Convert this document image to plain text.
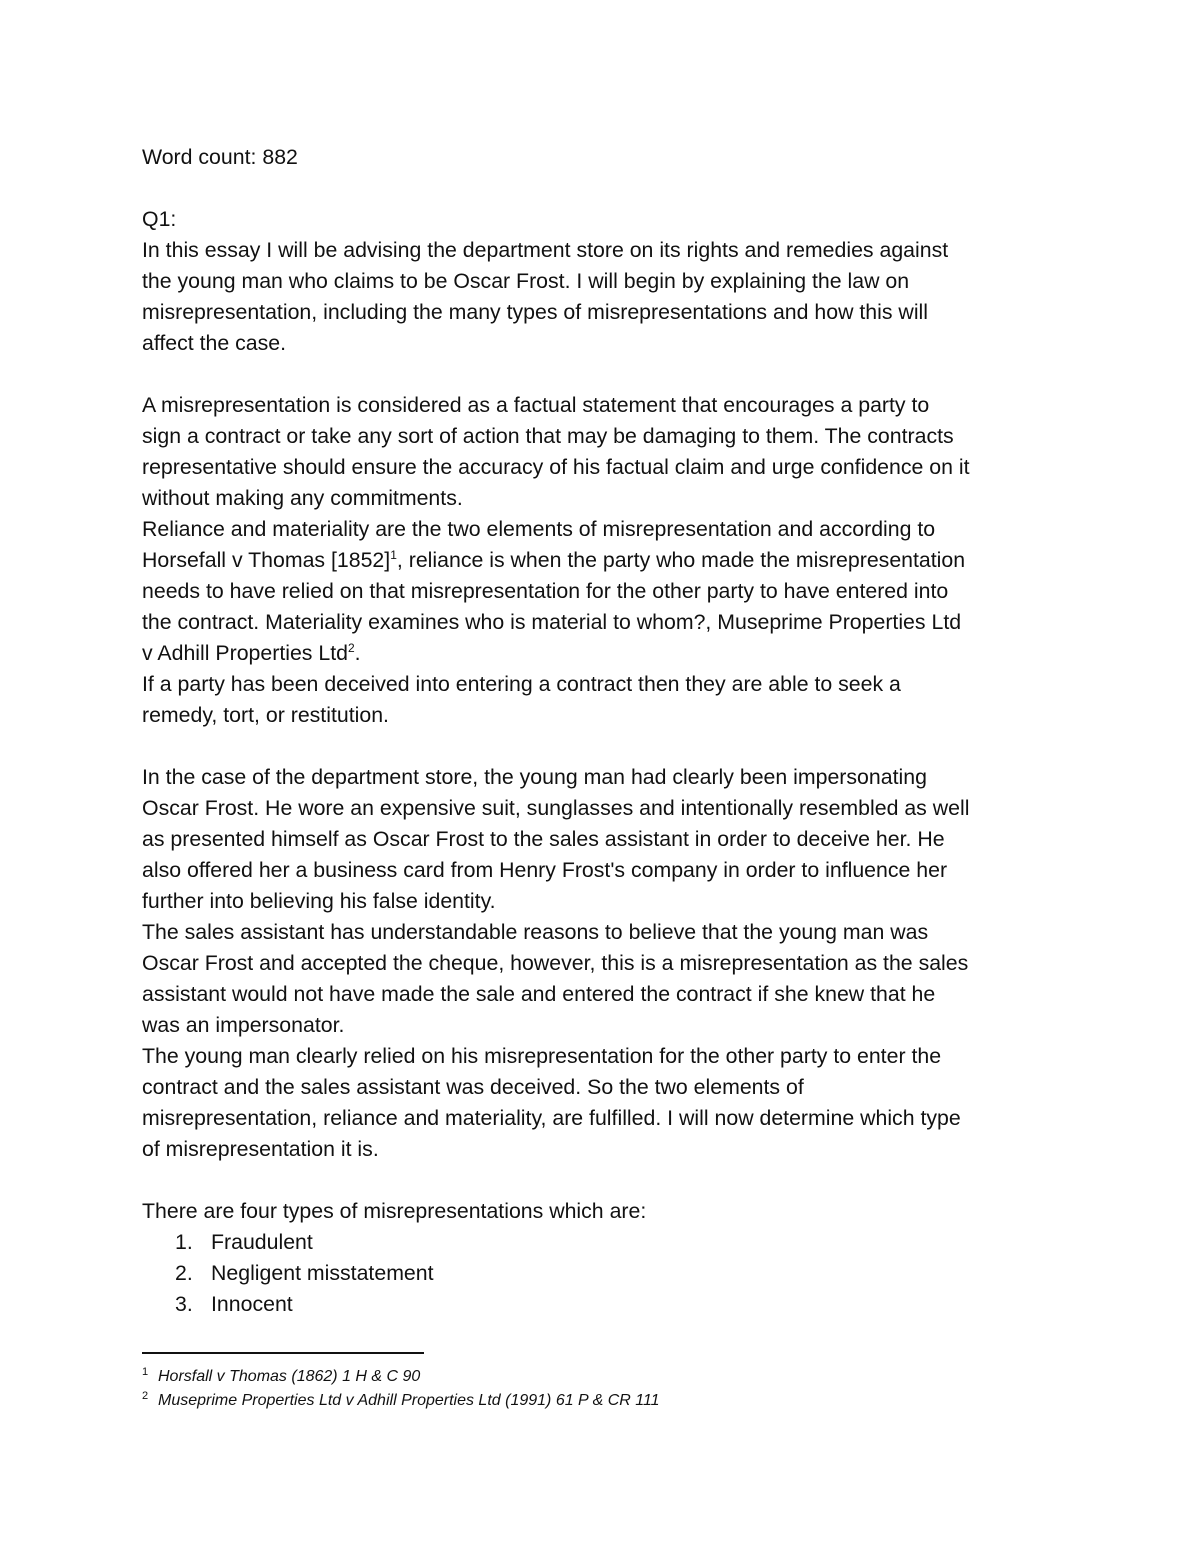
Word count: 882
Q1:
In this essay I will be advising the department store on its rights and remedies against
the young man who claims to be Oscar Frost. I will begin by explaining the law on
misrepresentation, including the many types of misrepresentations and how this will
affect the case.
A misrepresentation is considered as a factual statement that encourages a party to
sign a contract or take any sort of action that may be damaging to them. The contracts
representative should ensure the accuracy of his factual claim and urge confidence on it
without making any commitments.
Reliance and materiality are the two elements of misrepresentation and according to
Horsefall v Thomas $[1852]^1$, reliance is when the party who made the misrepresentation
needs to have relied on that misrepresentation for the other party to have entered into
the contract. Materiality examines who is material to whom?, Museprime Properties Ltd
v Adhill Properties Ltd$^2$.
If a party has been deceived into entering a contract then they are able to seek a
remedy, tort, or restitution.
In the case of the department store, the young man had clearly been impersonating
Oscar Frost. He wore an expensive suit, sunglasses and intentionally resembled as well
as presented himself as Oscar Frost to the sales assistant in order to deceive her. He
also offered her a business card from Henry Frost's company in order to influence her
further into believing his false identity.
The sales assistant has understandable reasons to believe that the young man was
Oscar Frost and accepted the cheque, however, this is a misrepresentation as the sales
assistant would not have made the sale and entered the contract if she knew that he
was an impersonator.
The young man clearly relied on his misrepresentation for the other party to enter the
contract and the sales assistant was deceived. So the two elements of
misrepresentation, reliance and materiality, are fulfilled. I will now determine which type
of misrepresentation it is.
There are four types of misrepresentations which are:
1. Fraudulent
2. Negligent misstatement
3. Innocent
1 Horsfall v Thomas (1862) 1 H & C 90
2 Museprime Properties Ltd v Adhill Properties Ltd (1991) 61 P & CR 111
